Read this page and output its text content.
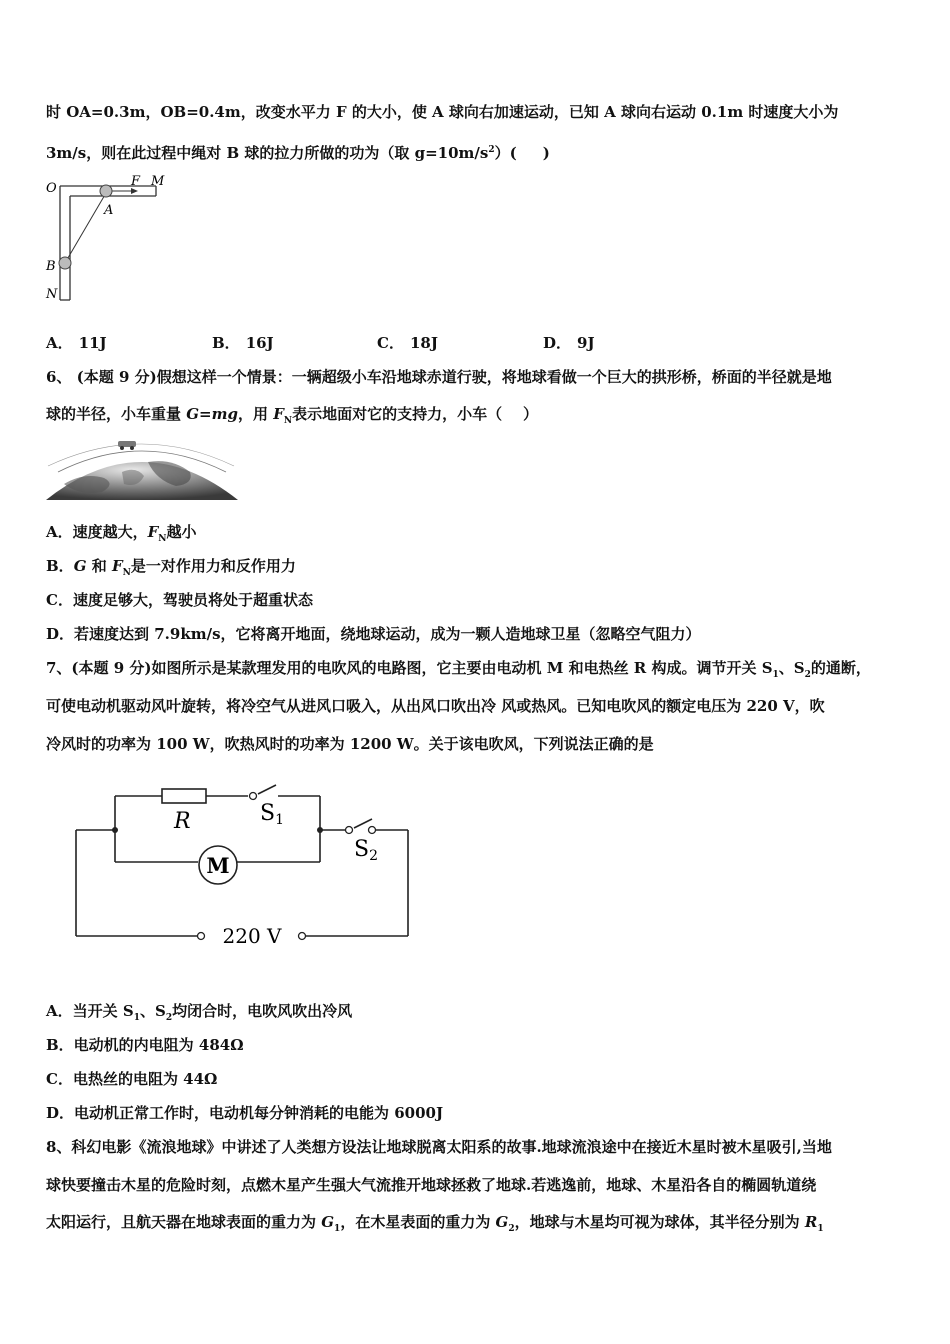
时 OA=0.3m，OB=0.4m，改变水平力 F 的大小，使 A 球向右加速运动，已知 A 球向右运动 0.1m 时速度大小为
3m/s，则在此过程中绳对 B 球的拉力所做的功为（取 $g=10m/s^2$）(     )
O	F M
A
B
N
A． 11J	B． 16J	C． 18J	D． 9J
6、 (本题 9 分)假想这样一个情景：一辆超级小车沿地球赤道行驶，将地球看做一个巨大的拱形桥，桥面的半径就是地
球的半径，小车重量 G=mg，用 $F_N$表示地面对它的支持力，小车（    ）
A．速度越大，$F_N$越小
B．G 和 $F_N$是一对作用力和反作用力
C．速度足够大，驾驶员将处于超重状态
D．若速度达到 7.9km/s，它将离开地面，绕地球运动，成为一颗人造地球卫星（忽略空气阻力）
7、(本题 9 分)如图所示是某款理发用的电吹风的电路图，它主要由电动机 M 和电热丝 R 构成。调节开关 $S_1$、$S_2$的通断，
可使电动机驱动风叶旋转，将冷空气从进风口吸入，从出风口吹出冷 风或热风。已知电吹风的额定电压为 220 V，吹
冷风时的功率为 100 W，吹热风时的功率为 1200 W。关于该电吹风，下列说法正确的是
R	S1
S2
M
220 V
A．当开关 $S_1$、$S_2$均闭合时，电吹风吹出冷风
B．电动机的内电阻为 484Ω
C．电热丝的电阻为 44Ω
D．电动机正常工作时，电动机每分钟消耗的电能为 6000J
8、科幻电影《流浪地球》中讲述了人类想方设法让地球脱离太阳系的故事.地球流浪途中在接近木星时被木星吸引,当地
球快要撞击木星的危险时刻，点燃木星产生强大气流推开地球拯救了地球.若逃逸前，地球、木星沿各自的椭圆轨道绕
太阳运行，且航天器在地球表面的重力为 $G_1$，在木星表面的重力为 $G_2$，地球与木星均可视为球体，其半径分别为 $R_1$
